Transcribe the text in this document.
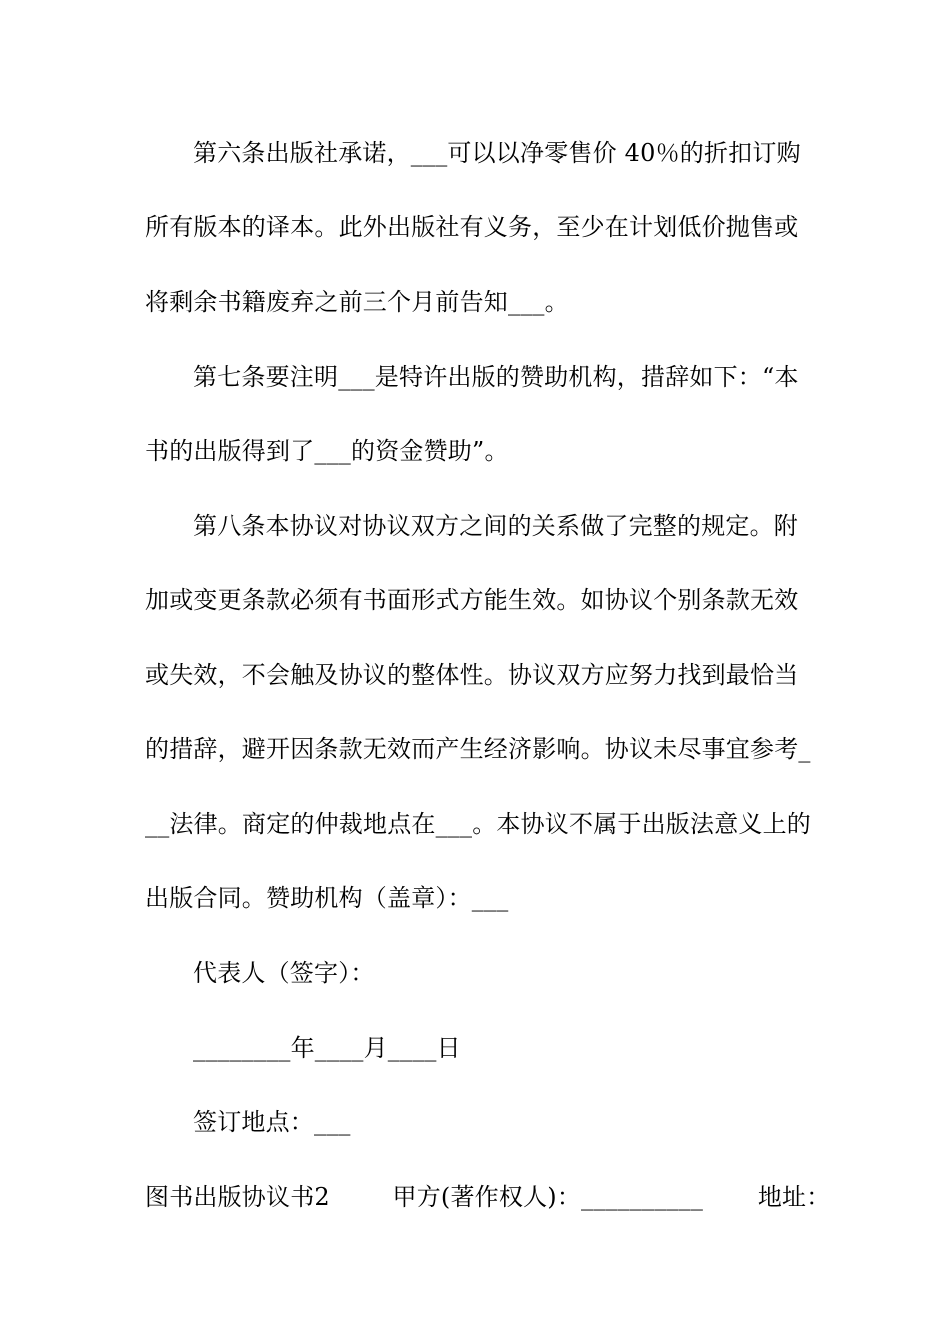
第六条出版社承诺，___可以以净零售价 40％的折扣订购
所有版本的译本。此外出版社有义务，至少在计划低价抛售或
将剩余书籍废弃之前三个月前告知___。
第七条要注明___是特许出版的赞助机构，措辞如下：“本
书的出版得到了___的资金赞助”。
第八条本协议对协议双方之间的关系做了完整的规定。附
加或变更条款必须有书面形式方能生效。如协议个别条款无效
或失效，不会触及协议的整体性。协议双方应努力找到最恰当
的措辞，避开因条款无效而产生经济影响。协议未尽事宜参考_
__法律。商定的仲裁地点在___。本协议不属于出版法意义上的
出版合同。赞助机构（盖章）：___
代表人（签字）：
________年____月____日
签订地点：___
图书出版协议书2        甲方(著作权人)：__________       地址：
